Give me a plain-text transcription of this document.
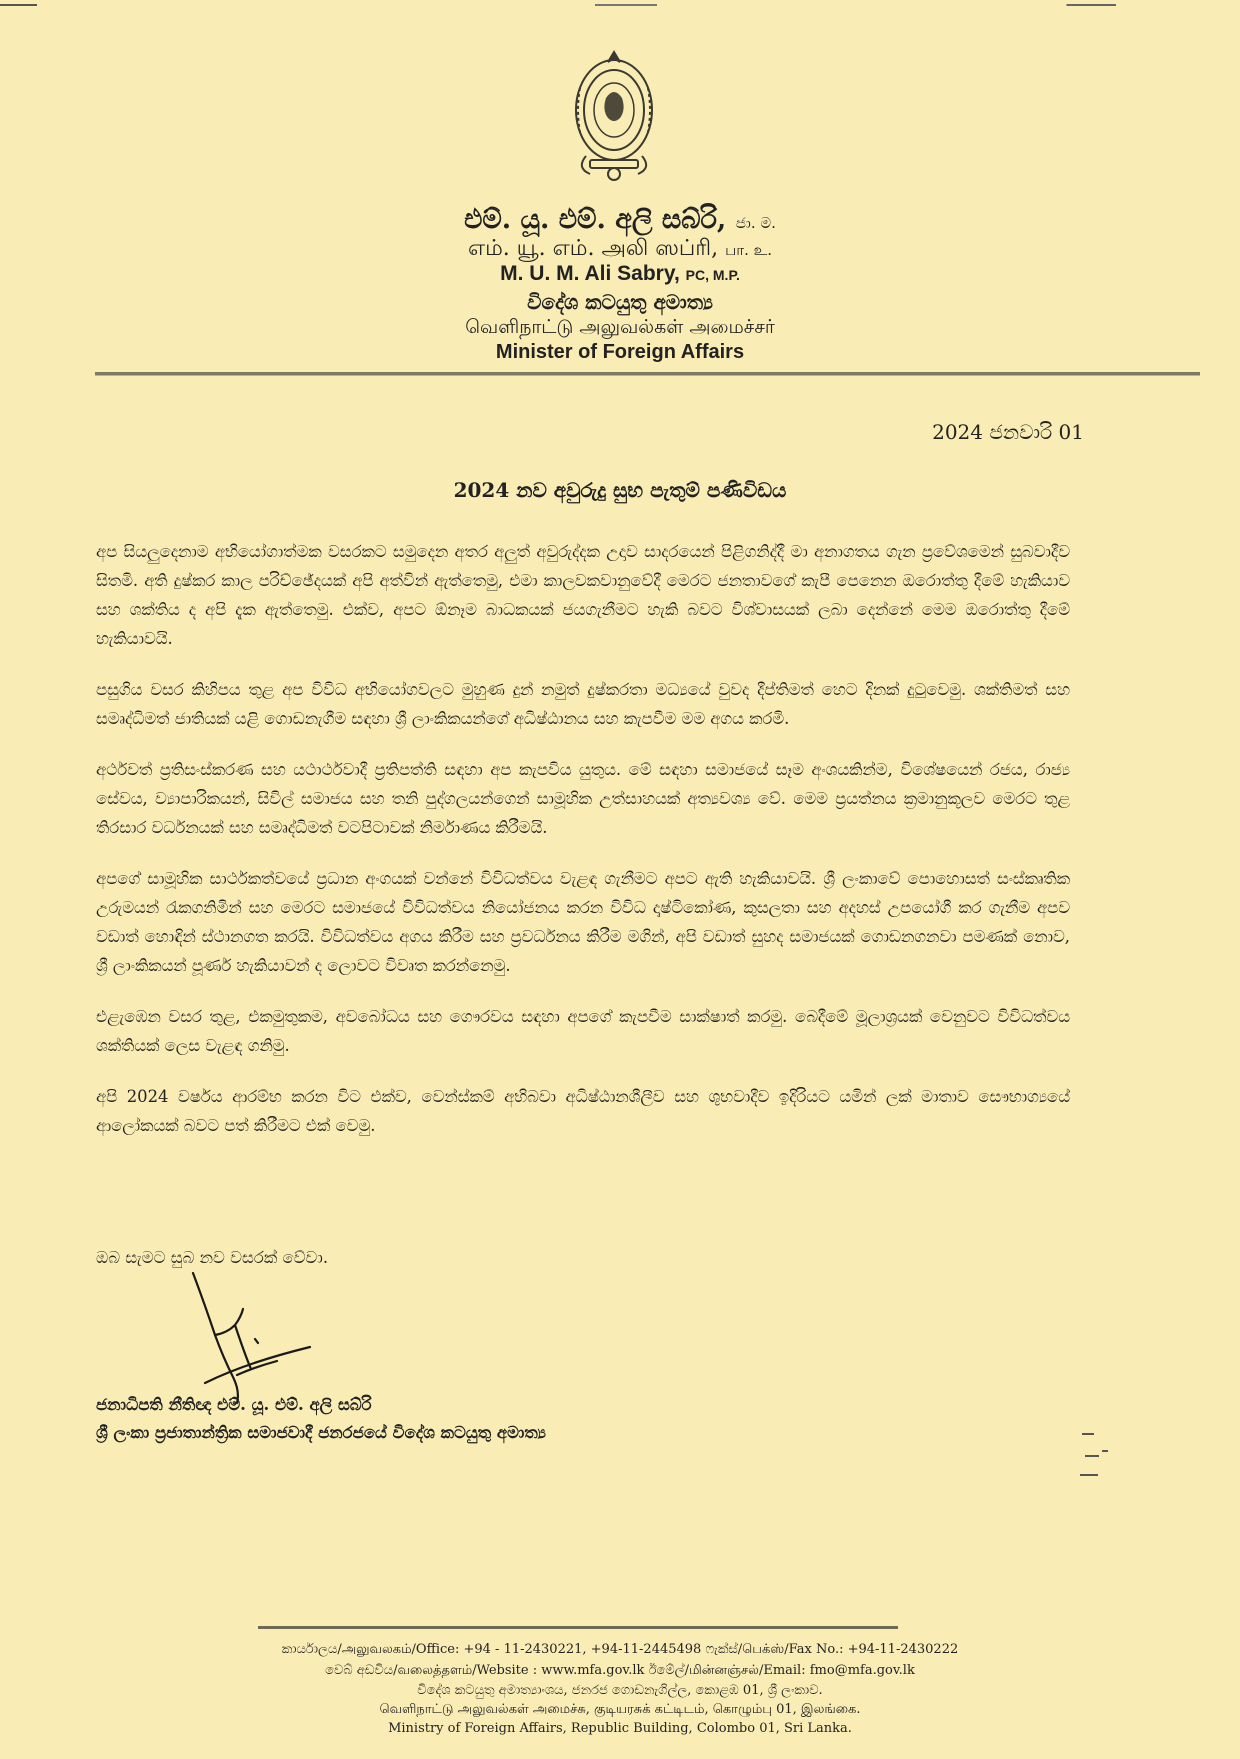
එම්. යූ. එම්. අලි සබ්රි, ජා. ම.
எம். யூ. எம். அலி ஸப்ரி, பா. உ.
M. U. M. Ali Sabry, PC, M.P.
විදේශ කටයුතු අමාත්‍ය
வெளிநாட்டு அலுவல்கள் அமைச்சர்
Minister of Foreign Affairs
2024 ජනවාරි 01
2024 නව අවුරුදු සුභ පැතුම් පණිවිඩය

අප සියලුදෙනාම අභියෝගාත්මක වසරකට සමුදෙන අතර අලුත් අවුරුද්දක උදාව සාදරයෙන් පිළිගනිද්දී මා අනාගතය ගැන ප්‍රවේශමෙන් සුබවාදීව සිතමි. අති දුෂ්කර කාල පරිච්ඡේදයක් අපි අත්වින් ඇත්තෙමු, එමා කාලවකවානුවේදී මෙරට ජනතාවගේ කැපී පෙනෙන ඔරොත්තු දීමේ හැකියාව සහ ශක්තිය ද අපි දැක ඇත්තෙමු. එක්ව, අපට ඕනෑම බාධකයක් ජයගැනීමට හැකි බවට විශ්වාසයක් ලබා දෙන්නේ මෙම ඔරොත්තු දීමේ හැකියාවයි.

පසුගිය වසර කිහිපය තුළ අප විවිධ අභියෝගවලට මුහුණ දුන් නමුත් දුෂ්කරතා මධ්‍යයේ වුවද දීප්තිමත් හෙට දිනක් දුටුවෙමු. ශක්තිමත් සහ සමෘද්ධිමත් ජාතියක් යළි ගොඩනැගීම සඳහා ශ්‍රී ලාංකිකයන්ගේ අධිෂ්ඨානය සහ කැපවීම මම අගය කරමි.

අර්ථවත් ප්‍රතිසංස්කරණ සහ යථාර්ථවාදී ප්‍රතිපත්ති සඳහා අප කැපවිය යුතුය. මේ සඳහා සමාජයේ සෑම අංශයකින්ම, විශේෂයෙන් රජය, රාජ්‍ය සේවය, ව්‍යාපාරිකයන්, සිවිල් සමාජය සහ තනි පුද්ගලයන්ගෙන් සාමූහික උත්සාහයක් අත්‍යවශ්‍ය වේ. මෙම ප්‍රයත්නය ක්‍රමානුකූලව මෙරට තුළ තිරසාර වර්ධනයක් සහ සමෘද්ධිමත් වටපිටාවක් නිර්මාණය කිරීමයි.

අපගේ සාමූහික සාර්ථකත්වයේ ප්‍රධාන අංගයක් වන්නේ විවිධත්වය වැළඳ ගැනීමට අපට ඇති හැකියාවයි. ශ්‍රී ලංකාවේ පොහොසත් සංස්කෘතික උරුමයන් රැකගනිමින් සහ මෙරට සමාජයේ විවිධත්වය නියෝජනය කරන විවිධ දෘෂ්ටිකෝණ, කුසලතා සහ අදහස් උපයෝගී කර ගැනීම අපව වඩාත් හොඳින් ස්ථානගත කරයි. විවිධත්වය අගය කිරීම සහ ප්‍රවර්ධනය කිරීම මගින්, අපි වඩාත් සුහද සමාජයක් ගොඩනගනවා පමණක් නොව, ශ්‍රී ලාංකිකයන් පූර්ණ හැකියාවන් ද ලොවට විවෘත කරන්නෙමු.

එළැඹෙන වසර තුළ, එකමුතුකම, අවබෝධය සහ ගෞරවය සඳහා අපගේ කැපවීම සාක්ෂාත් කරමු. බෙදීමේ මූලාශ්‍රයක් වෙනුවට විවිධත්වය ශක්තියක් ලෙස වැළඳ ගනිමු.

අපි 2024 වර්ෂය ආරම්භ කරන විට එක්ව, වෙන්ස්කම් අභිබවා අධිෂ්ඨානශීලීව සහ ශුභවාදීව ඉදිරියට යමින් ලක් මාතාව සෞභාග්‍යයේ ආලෝකයක් බවට පත් කිරීමට එක් වෙමු.

ඔබ සැමට සුබ නව වසරක් වේවා.
ජනාධිපති නීතිඥ එම්. යූ. එම්. අලි සබ්රි
ශ්‍රී ලංකා ප්‍රජාතාන්ත්‍රික සමාජවාදී ජනරජයේ විදේශ කටයුතු අමාත්‍ය
කාර්යාලය/அலுவலகம்/Office: +94 - 11-2430221, +94-11-2445498 ෆැක්ස්/பெக்ஸ்/Fax No.: +94-11-2430222
වෙබ් අඩවිය/வலைத்தளம்/Website : www.mfa.gov.lk ඊමේල්/மின்னஞ்சல்/Email: fmo@mfa.gov.lk
විදේශ කටයුතු අමාත්‍යාංශය, ජනරජ ගොඩනැගිල්ල, කොළඹ 01, ශ්‍රී ලංකාව.
வெளிநாட்டு அலுவல்கள் அமைச்சு, குடியரசுக் கட்டிடம், கொழும்பு 01, இலங்கை.
Ministry of Foreign Affairs, Republic Building, Colombo 01, Sri Lanka.
